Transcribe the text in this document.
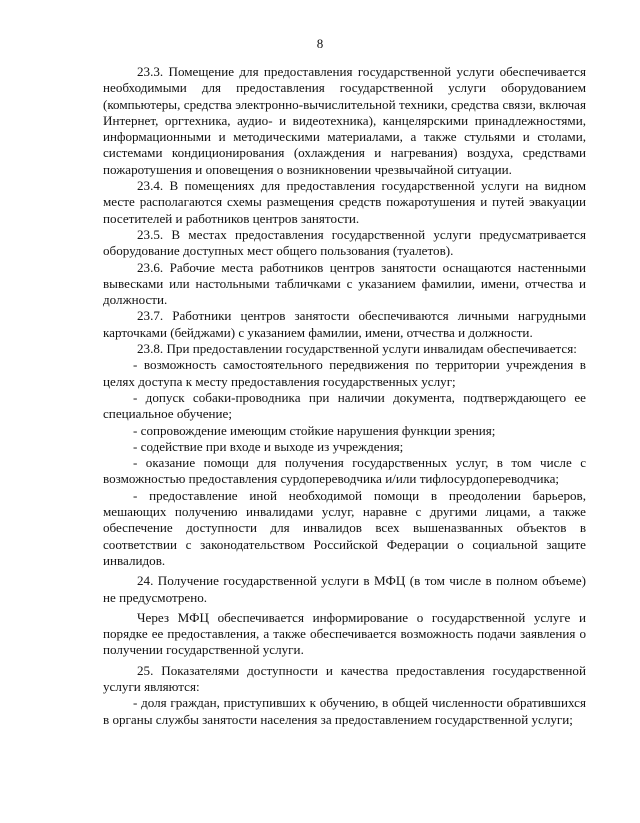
8

23.3. Помещение для предоставления государственной услуги обеспечивается необходимыми для предоставления государственной услуги оборудованием (компьютеры, средства электронно-вычислительной техники, средства связи, включая Интернет, оргтехника, аудио- и видеотехника), канцелярскими принадлежностями, информационными и методическими материалами, а также стульями и столами, системами кондиционирования (охлаждения и нагревания) воздуха, средствами пожаротушения и оповещения о возникновении чрезвычайной ситуации.

23.4. В помещениях для предоставления государственной услуги на видном месте располагаются схемы размещения средств пожаротушения и путей эвакуации посетителей и работников центров занятости.

23.5. В местах предоставления государственной услуги предусматривается оборудование доступных мест общего пользования (туалетов).

23.6. Рабочие места работников центров занятости оснащаются настенными вывесками или настольными табличками с указанием фамилии, имени, отчества и должности.

23.7. Работники центров занятости обеспечиваются личными нагрудными карточками (бейджами) с указанием фамилии, имени, отчества и должности.

23.8. При предоставлении государственной услуги инвалидам обеспечивается:

- возможность самостоятельного передвижения по территории учреждения в целях доступа к месту предоставления государственных услуг;

- допуск собаки-проводника при наличии документа, подтверждающего ее специальное обучение;

- сопровождение имеющим стойкие нарушения функции зрения;

- содействие при входе и выходе из учреждения;

- оказание помощи для получения государственных услуг, в том числе с возможностью предоставления сурдопереводчика и/или тифлосурдопереводчика;

- предоставление иной необходимой помощи в преодолении барьеров, мешающих получению инвалидами услуг, наравне с другими лицами, а также обеспечение доступности для инвалидов всех вышеназванных объектов в соответствии с законодательством Российской Федерации о социальной защите инвалидов.

24. Получение государственной услуги в МФЦ (в том числе в полном объеме) не предусмотрено.

Через МФЦ обеспечивается информирование о государственной услуге и порядке ее предоставления, а также обеспечивается возможность подачи заявления о получении государственной услуги.

25. Показателями доступности и качества предоставления государственной услуги являются:

- доля граждан, приступивших к обучению, в общей численности обратившихся в органы службы занятости населения за предоставлением государственной услуги;
